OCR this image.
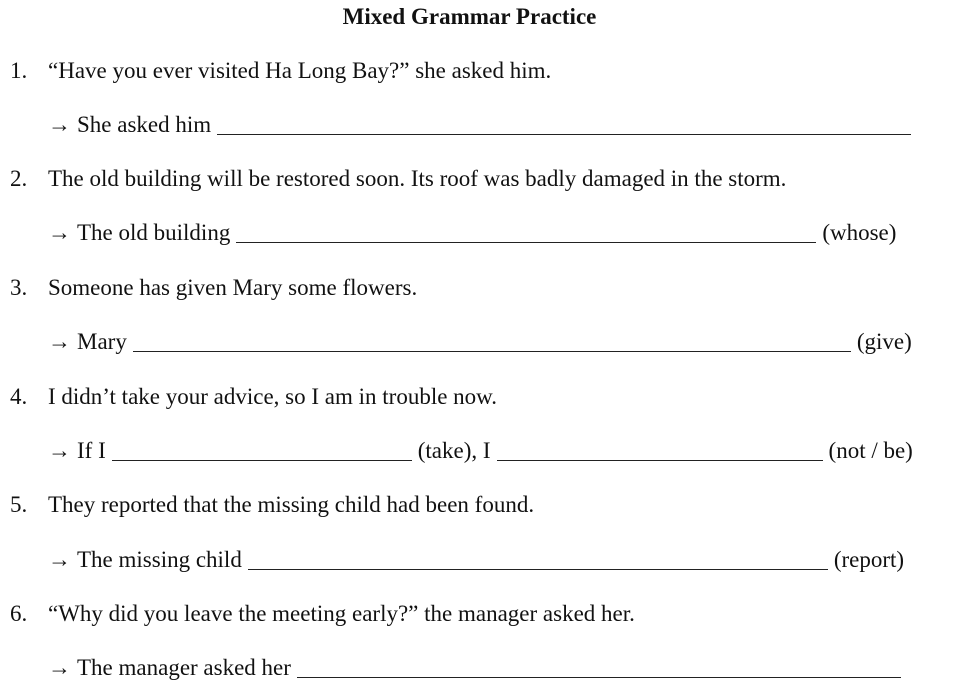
Mixed Grammar Practice
1. “Have you ever visited Ha Long Bay?” she asked him.
→ She asked him
2. The old building will be restored soon. Its roof was badly damaged in the storm.
→ The old building	(whose)
3. Someone has given Mary some flowers.
→ Mary	(give)
4. I didn’t take your advice, so I am in trouble now.
→ If I	(take), I	(not / be)
5. They reported that the missing child had been found.
→ The missing child	(report)
6. “Why did you leave the meeting early?” the manager asked her.
→ The manager asked her
